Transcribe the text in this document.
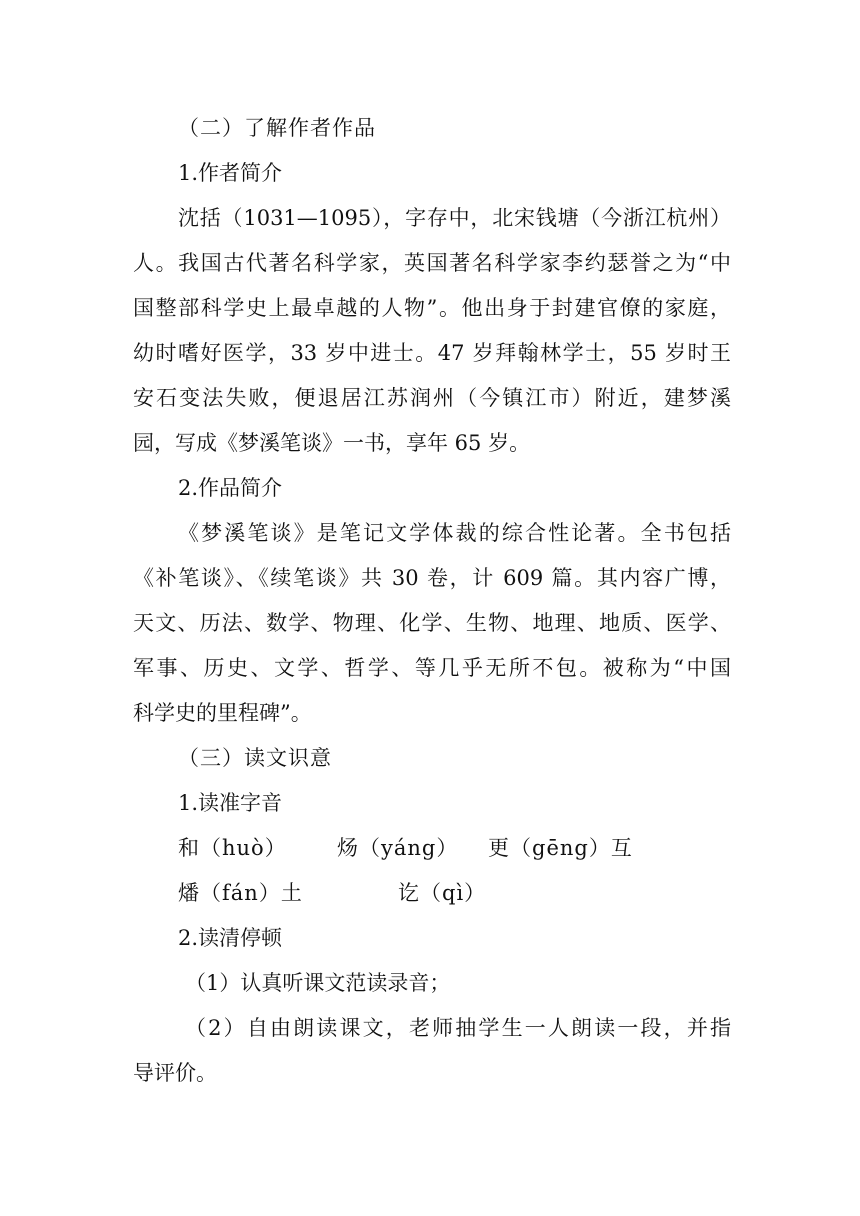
（二）了解作者作品
1.作者简介
沈括（1031—1095），字存中，北宋钱塘（今浙江杭州）
人。我国古代著名科学家，英国著名科学家李约瑟誉之为“中
国整部科学史上最卓越的人物”。他出身于封建官僚的家庭，
幼时嗜好医学，33 岁中进士。47 岁拜翰林学士，55 岁时王
安石变法失败，便退居江苏润州（今镇江市）附近，建梦溪
园，写成《梦溪笔谈》一书，享年 65 岁。
2.作品简介
《梦溪笔谈》是笔记文学体裁的综合性论著。全书包括
《补笔谈》、《续笔谈》共 30 卷，计 609 篇。其内容广博，
天文、历法、数学、物理、化学、生物、地理、地质、医学、
军事、历史、文学、哲学、等几乎无所不包。被称为“中国
科学史的里程碑”。
（三）读文识意
1.读准字音
和（huò） 炀（yáng） 更（gēng）互
燔（fán）土	讫（qì）
2.读清停顿
（1）认真听课文范读录音；
（2）自由朗读课文，老师抽学生一人朗读一段，并指
导评价。
